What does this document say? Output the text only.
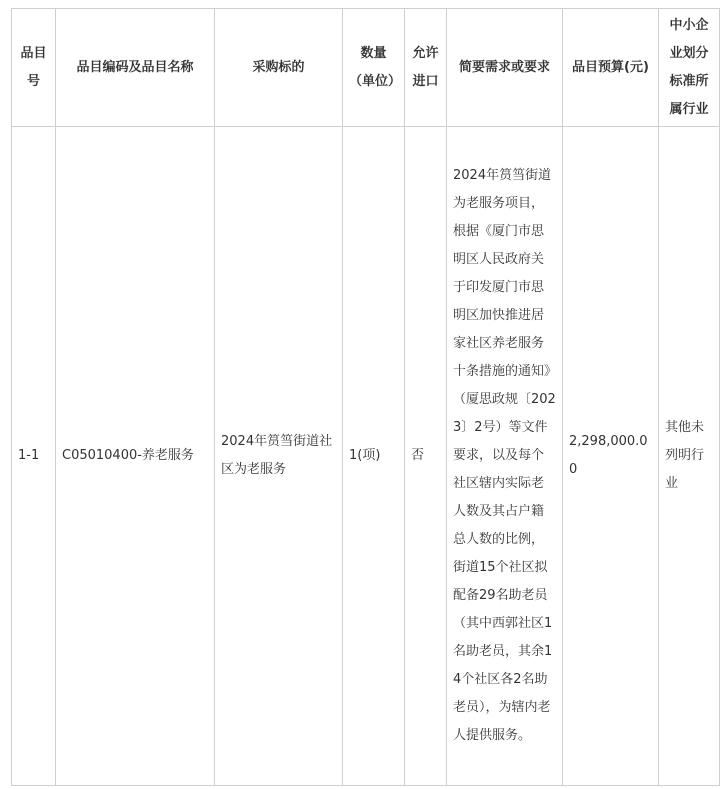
品目号	品目编码及品目名称	采购标的	数量（单位）	允许进口	简要需求或要求	品目预算(元)	中小企业划分标准所属行业
1-1	C05010400-养老服务	2024年筼筜街道社区为老服务	1(项)	否	2024年筼筜街道为老服务项目，根据《厦门市思明区人民政府关于印发厦门市思明区加快推进居家社区养老服务十条措施的通知》（厦思政规〔2023〕2号）等文件要求，以及每个社区辖内实际老人数及其占户籍总人数的比例，街道15个社区拟配备29名助老员（其中西郭社区1名助老员，其余14个社区各2名助老员），为辖内老人提供服务。	2,298,000.00	其他未列明行业
